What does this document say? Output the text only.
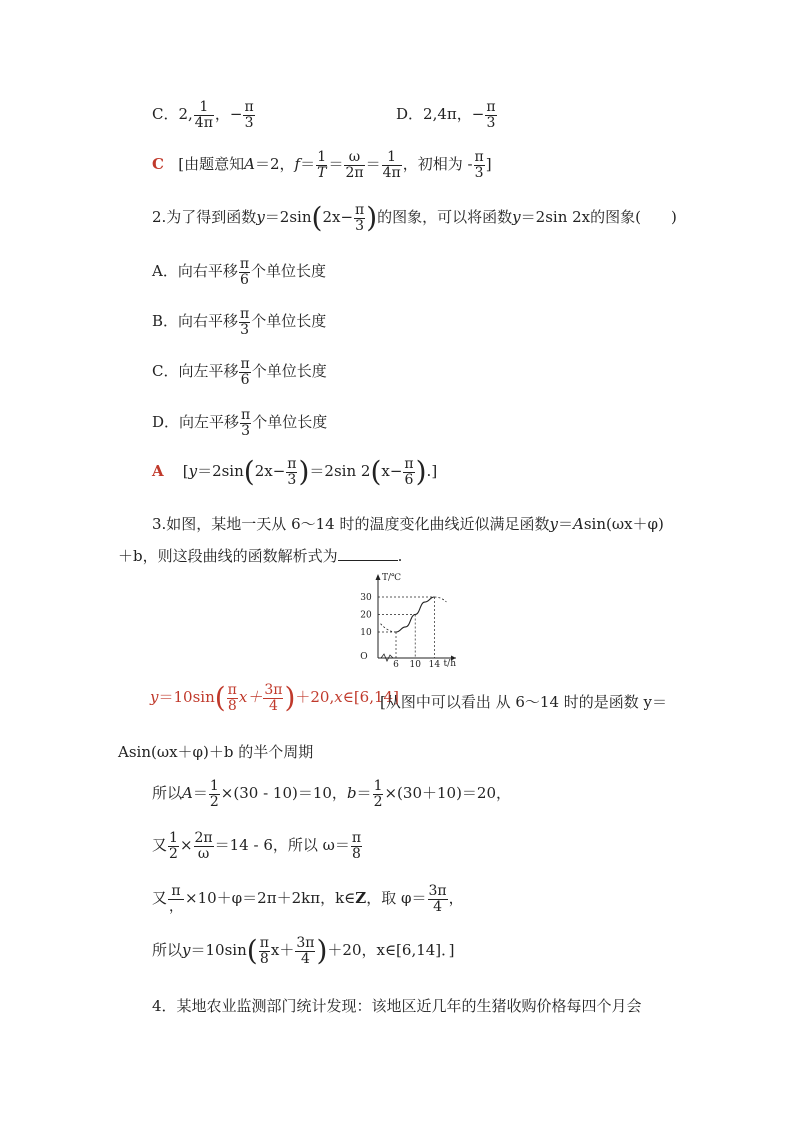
C．2, $\frac{1}{4\pi}$ ，− $\frac{\pi}{3}$	D．2,4π，− $\frac{\pi}{3}$
C [由题意知A＝2，$f= \frac{1}{T} = \frac{\omega}{2\pi} = \frac{1}{4\pi}$ ，初相为 - $\frac{\pi}{3}$ ]
2.为了得到函数$y=2\sin(2x- \frac{\pi}{3}$ )的图象，可以将函数y＝2sin 2x的图象(　　)
A．向右平移 $\frac{\pi}{6}$ 个单位长度
B．向右平移 $\frac{\pi}{3}$ 个单位长度
C．向左平移 $\frac{\pi}{6}$ 个单位长度
D．向左平移 $\frac{\pi}{3}$ 个单位长度
A [$y=2\sin(2x- \frac{\pi}{3} )=2\sin$ $2(x- \frac{\pi}{6}$ ).]
3.如图，某地一天从 6～14 时的温度变化曲线近似满足函数y＝Asin(ωx＋φ)
＋b，则这段曲线的函数解析式为	.
T/℃
t/h
O
30
20
10
6 10 14
$y=10\sin( \frac{\pi}{8} x+ \frac{3\pi}{4}$ )＋20,x∈[6,14]
[从图中可以看出 从 6～14 时的是函数 y＝
Asin(ωx＋φ)＋b 的半个周期
所以$A= \frac{1}{2} \times(30 - 10)=10$，$b= \frac{1}{2} \times(30+10)=20$，
又 $\frac{1}{2} \times \frac{2\pi}{\omega} =14 - 6$，所以 $\omega= \frac{\pi}{8}$
又 $\frac{\pi}{,} \times 10+\varphi=2\pi+2k\pi$，k∈Z，取 $\varphi= \frac{3\pi}{4}$ ，
所以$y=10\sin( \frac{\pi}{8} x+ \frac{3\pi}{4} )+20$，x∈[6,14]．]
4．某地农业监测部门统计发现：该地区近几年的生猪收购价格每四个月会
